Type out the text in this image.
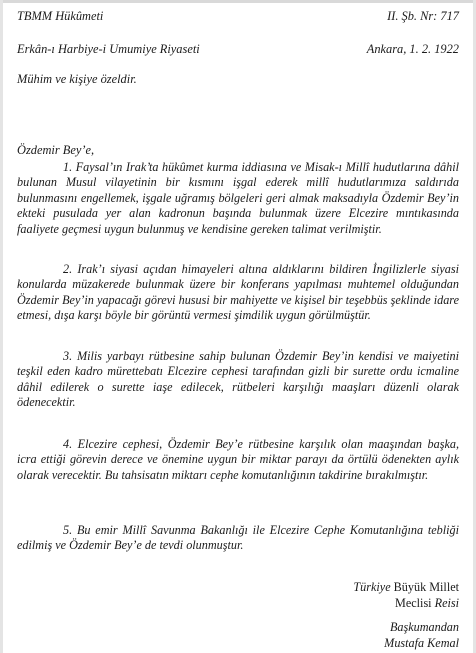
TBMM Hükûmeti	II. Şb. Nr: 717
Erkân-ı Harbiye-i Umumiye Riyaseti	Ankara, 1. 2. 1922
Mühim ve kişiye özeldir.
Özdemir Bey’e,

1. Faysal’ın Irak’ta hükûmet kurma iddiasına ve Misak-ı Millî hudutlarına dâhil bulunan Musul vilayetinin bir kısmını işgal ederek millî hudutlarımıza saldırıda bulunmasını engellemek, işgale uğramış bölgeleri geri almak maksadıyla Özdemir Bey’in ekteki pusulada yer alan kadronun başında bulunmak üzere Elcezire mıntıkasında faaliyete geçmesi uygun bulunmuş ve kendisine gereken talimat verilmiştir.

2. Irak’ı siyasi açıdan himayeleri altına aldıklarını bildiren İngilizlerle siyasi konularda müzakerede bulunmak üzere bir konferans yapılması muhtemel olduğundan Özdemir Bey’in yapacağı görevi hususi bir mahiyette ve kişisel bir teşebbüs şeklinde idare etmesi, dışa karşı böyle bir görüntü vermesi şimdilik uygun görülmüştür.

3. Milis yarbayı rütbesine sahip bulunan Özdemir Bey’in kendisi ve maiyetini teşkil eden kadro mürettebatı Elcezire cephesi tarafından gizli bir surette ordu icmaline dâhil edilerek o surette iaşe edilecek, rütbeleri karşılığı maaşları düzenli olarak ödenecektir.

4. Elcezire cephesi, Özdemir Bey’e rütbesine karşılık olan maaşından başka, icra ettiği görevin derece ve önemine uygun bir miktar parayı da örtülü ödenekten aylık olarak verecektir. Bu tahsisatın miktarı cephe komutanlığının takdirine bırakılmıştır.

5. Bu emir Millî Savunma Bakanlığı ile Elcezire Cephe Komutanlığına tebliği edilmiş ve Özdemir Bey’e de tevdi olunmuştur.

Türkiye Büyük Millet
Meclisi Reisi
Başkumandan
Mustafa Kemal
